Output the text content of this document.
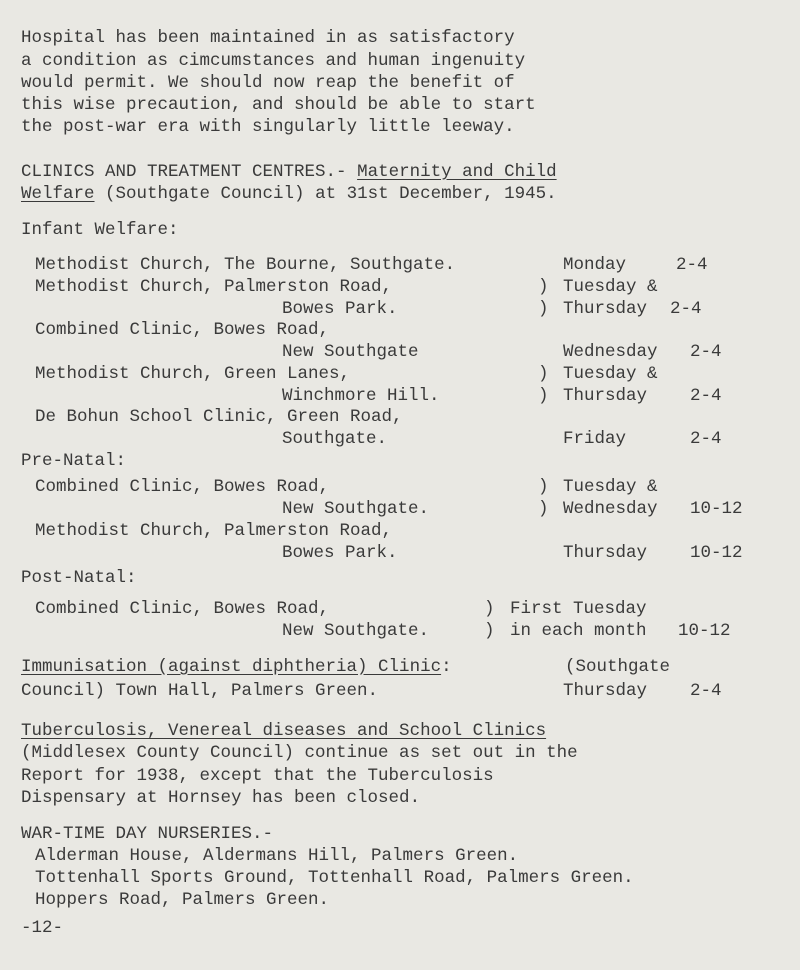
Hospital has been maintained in as satisfactory
a condition as cimcumstances and human ingenuity
would permit. We should now reap the benefit of
this wise precaution, and should be able to start
the post-war era with singularly little leeway.
CLINICS AND TREATMENT CENTRES.- Maternity and Child
Welfare (Southgate Council) at 31st December, 1945.
Infant Welfare:
Methodist Church, The Bourne, Southgate.	Monday	2-4
Methodist Church, Palmerston Road,	) Tuesday &
Bowes Park.	) Thursday 2-4
Combined Clinic, Bowes Road,
New Southgate	Wednesday 2-4
Methodist Church, Green Lanes,	) Tuesday &
Winchmore Hill.	) Thursday 2-4
De Bohun School Clinic, Green Road,
Southgate.	Friday	2-4
Pre-Natal:
Combined Clinic, Bowes Road,	) Tuesday &
New Southgate.	) Wednesday 10-12
Methodist Church, Palmerston Road,
Bowes Park.	Thursday 10-12
Post-Natal:
Combined Clinic, Bowes Road,	) First Tuesday
New Southgate.	) in each month 10-12
Immunisation (against diphtheria) Clinic:	(Southgate
Council) Town Hall, Palmers Green.	Thursday 2-4
Tuberculosis, Venereal diseases and School Clinics
(Middlesex County Council) continue as set out in the
Report for 1938, except that the Tuberculosis
Dispensary at Hornsey has been closed.
WAR-TIME DAY NURSERIES.-
Alderman House, Aldermans Hill, Palmers Green.
Tottenhall Sports Ground, Tottenhall Road, Palmers Green.
Hoppers Road, Palmers Green.
-12-
